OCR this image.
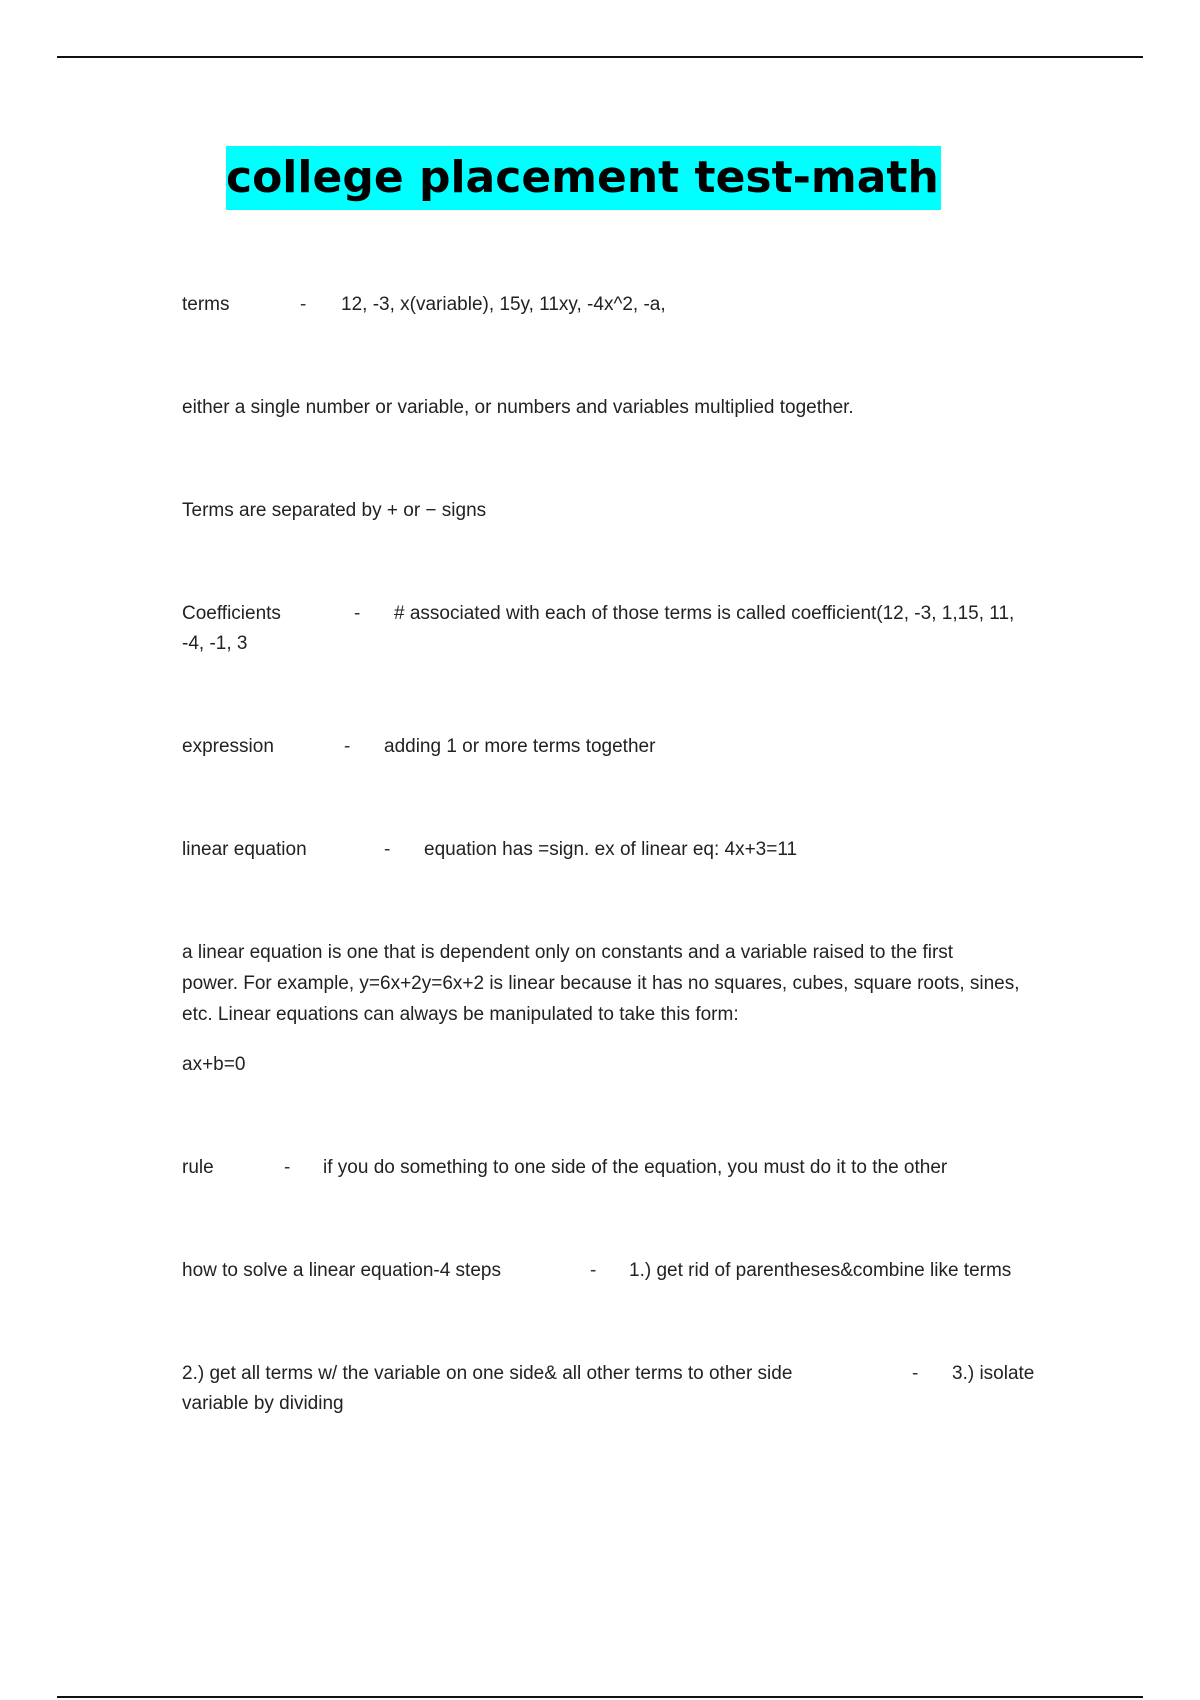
college placement test-math
terms	- 12, -3, x(variable), 15y, 11xy, -4x^2, -a,
either a single number or variable, or numbers and variables multiplied together.
Terms are separated by + or − signs
Coefficients	- # associated with each of those terms is called coefficient(12, -3, 1,15, 11,
-4, -1, 3
expression	- adding 1 or more terms together
linear equation	- equation has =sign. ex of linear eq: 4x+3=11
a linear equation is one that is dependent only on constants and a variable raised to the first
power. For example, y=6x+2y=6x+2 is linear because it has no squares, cubes, square roots, sines,
etc. Linear equations can always be manipulated to take this form:
ax+b=0
rule	- if you do something to one side of the equation, you must do it to the other
how to solve a linear equation-4 steps	- 1.) get rid of parentheses&combine like terms
2.) get all terms w/ the variable on one side& all other terms to other side	- 3.) isolate
variable by dividing
